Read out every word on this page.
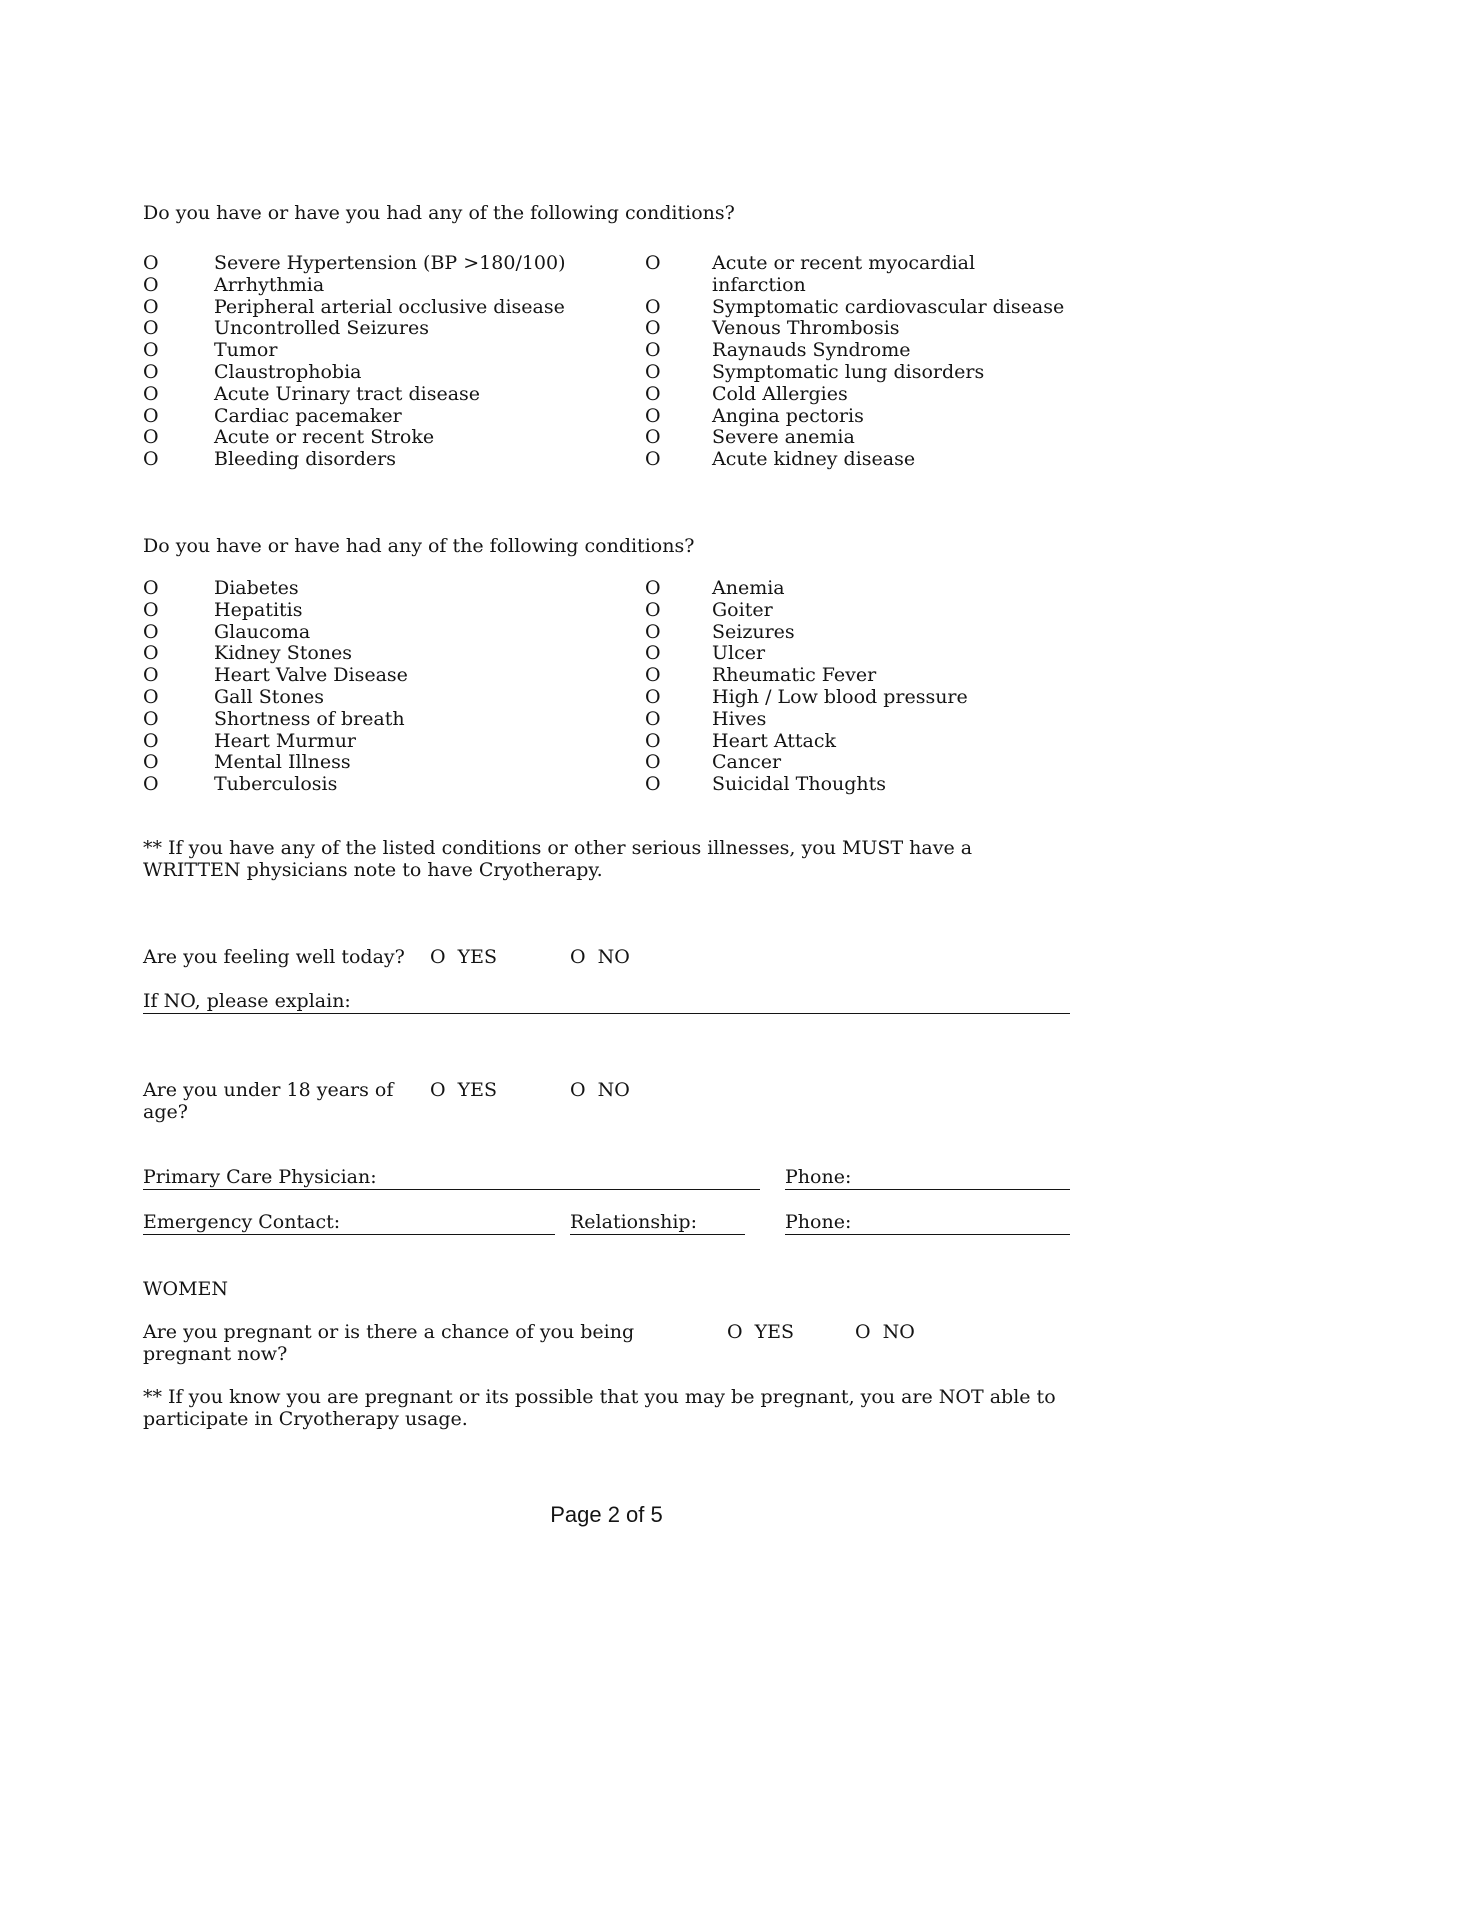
Do you have or have you had any of the following conditions?
O	Severe Hypertension (BP >180/100)
O	Arrhythmia
O	Peripheral arterial occlusive disease
O	Uncontrolled Seizures
O	Tumor
O	Claustrophobia
O	Acute Urinary tract disease
O	Cardiac pacemaker
O	Acute or recent Stroke
O	Bleeding disorders
O	Acute or recent myocardial infarction
O	Symptomatic cardiovascular disease
O	Venous Thrombosis
O	Raynauds Syndrome
O	Symptomatic lung disorders
O	Cold Allergies
O	Angina pectoris
O	Severe anemia
O	Acute kidney disease
Do you have or have had any of the following conditions?
O	Diabetes
O	Hepatitis
O	Glaucoma
O	Kidney Stones
O	Heart Valve Disease
O	Gall Stones
O	Shortness of breath
O	Heart Murmur
O	Mental Illness
O	Tuberculosis
O	Anemia
O	Goiter
O	Seizures
O	Ulcer
O	Rheumatic Fever
O	High / Low blood pressure
O	Hives
O	Heart Attack
O	Cancer
O	Suicidal Thoughts
** If you have any of the listed conditions or other serious illnesses, you MUST have a WRITTEN physicians note to have Cryotherapy.
Are you feeling well today?	O YES	O NO
If NO, please explain:
Are you under 18 years of age?
O YES	O NO
Primary Care Physician:	Phone:
Emergency Contact:	Relationship:	Phone:
WOMEN
Are you pregnant or is there a chance of you being pregnant now?
O YES	O NO
** If you know you are pregnant or its possible that you may be pregnant, you are NOT able to participate in Cryotherapy usage.
Page 2 of 5
